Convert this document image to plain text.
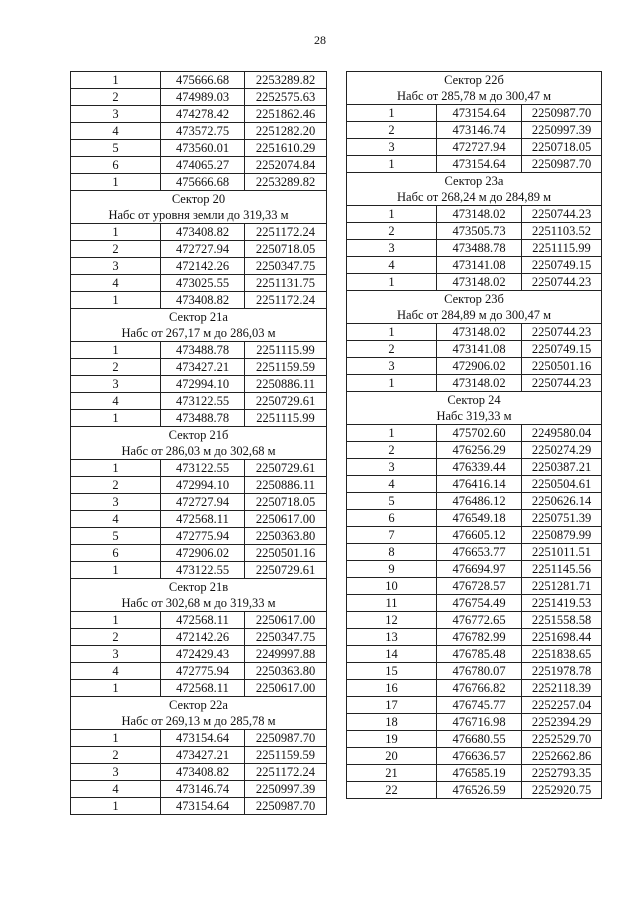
28
1	475666.68	2253289.82
2	474989.03	2252575.63
3	474278.42	2251862.46
4	473572.75	2251282.20
5	473560.01	2251610.29
6	474065.27	2252074.84
1	475666.68	2253289.82

Сектор 20
Набс от уровня земли до 319,33 м		

1	473408.82	2251172.24
2	472727.94	2250718.05
3	472142.26	2250347.75
4	473025.55	2251131.75
1	473408.82	2251172.24

Сектор 21а
Набс от 267,17 м до 286,03 м		

1	473488.78	2251115.99
2	473427.21	2251159.59
3	472994.10	2250886.11
4	473122.55	2250729.61
1	473488.78	2251115.99

Сектор 21б
Набс от 286,03 м до 302,68 м		

1	473122.55	2250729.61
2	472994.10	2250886.11
3	472727.94	2250718.05
4	472568.11	2250617.00
5	472775.94	2250363.80
6	472906.02	2250501.16
1	473122.55	2250729.61

Сектор 21в
Набс от 302,68 м до 319,33 м		

1	472568.11	2250617.00
2	472142.26	2250347.75
3	472429.43	2249997.88
4	472775.94	2250363.80
1	472568.11	2250617.00

Сектор 22а
Набс от 269,13 м до 285,78 м		

1	473154.64	2250987.70
2	473427.21	2251159.59
3	473408.82	2251172.24
4	473146.74	2250997.39
1	473154.64	2250987.70
Сектор 22б
Набс от 285,78 м до 300,47 м		

1	473154.64	2250987.70
2	473146.74	2250997.39
3	472727.94	2250718.05
1	473154.64	2250987.70

Сектор 23а
Набс от 268,24 м до 284,89 м		

1	473148.02	2250744.23
2	473505.73	2251103.52
3	473488.78	2251115.99
4	473141.08	2250749.15
1	473148.02	2250744.23

Сектор 23б
Набс от 284,89 м до 300,47 м		

1	473148.02	2250744.23
2	473141.08	2250749.15
3	472906.02	2250501.16
1	473148.02	2250744.23

Сектор 24
Набс 319,33 м		

1	475702.60	2249580.04
2	476256.29	2250274.29
3	476339.44	2250387.21
4	476416.14	2250504.61
5	476486.12	2250626.14
6	476549.18	2250751.39
7	476605.12	2250879.99
8	476653.77	2251011.51
9	476694.97	2251145.56
10	476728.57	2251281.71
11	476754.49	2251419.53
12	476772.65	2251558.58
13	476782.99	2251698.44
14	476785.48	2251838.65
15	476780.07	2251978.78
16	476766.82	2252118.39
17	476745.77	2252257.04
18	476716.98	2252394.29
19	476680.55	2252529.70
20	476636.57	2252662.86
21	476585.19	2252793.35
22	476526.59	2252920.75
